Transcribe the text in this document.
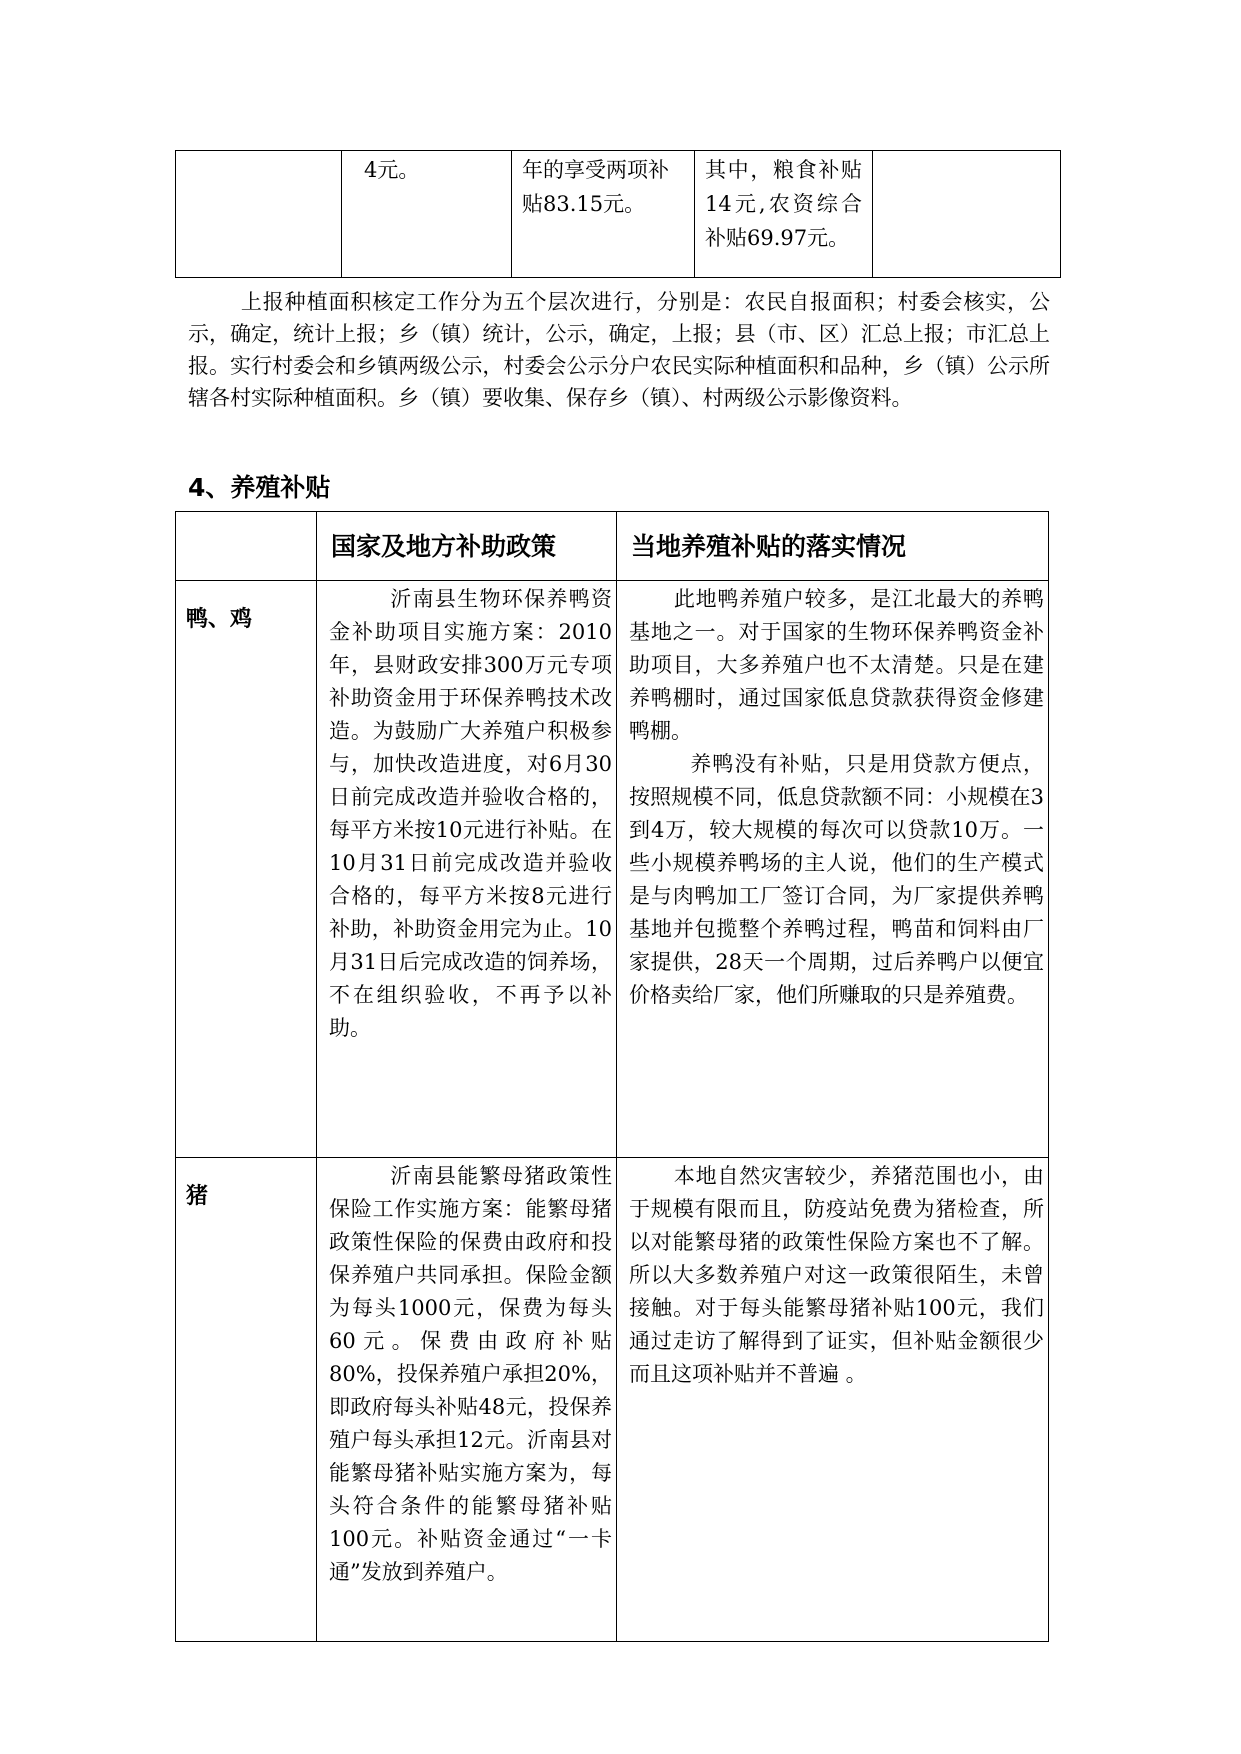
	4元。	年的享受两项补贴83.15元。	其中，粮食补贴14元,农资综合补贴69.97元。	
上报种植面积核定工作分为五个层次进行，分别是：农民自报面积；村委会核实，公示，确定，统计上报；乡（镇）统计，公示，确定，上报；县（市、区）汇总上报；市汇总上报。实行村委会和乡镇两级公示，村委会公示分户农民实际种植面积和品种，乡（镇）公示所辖各村实际种植面积。乡（镇）要收集、保存乡（镇）、村两级公示影像资料。
4、养殖补贴
	国家及地方补助政策	当地养殖补贴的落实情况
鸭、鸡	沂南县生物环保养鸭资金补助项目实施方案：2010年，县财政安排300万元专项补助资金用于环保养鸭技术改造。为鼓励广大养殖户积极参与，加快改造进度，对6月30日前完成改造并验收合格的，每平方米按10元进行补贴。在10月31日前完成改造并验收合格的，每平方米按8元进行补助，补助资金用完为止。10月31日后完成改造的饲养场，不在组织验收，不再予以补助。	此地鸭养殖户较多，是江北最大的养鸭基地之一。对于国家的生物环保养鸭资金补助项目，大多养殖户也不太清楚。只是在建养鸭棚时，通过国家低息贷款获得资金修建鸭棚。
养鸭没有补贴，只是用贷款方便点，按照规模不同，低息贷款额不同：小规模在3到4万，较大规模的每次可以贷款10万。一些小规模养鸭场的主人说，他们的生产模式是与肉鸭加工厂签订合同，为厂家提供养鸭基地并包揽整个养鸭过程，鸭苗和饲料由厂家提供，28天一个周期，过后养鸭户以便宜价格卖给厂家，他们所赚取的只是养殖费。

猪	沂南县能繁母猪政策性保险工作实施方案：能繁母猪政策性保险的保费由政府和投保养殖户共同承担。保险金额为每头1000元，保费为每头60元。保费由政府补贴80%，投保养殖户承担20%，即政府每头补贴48元，投保养殖户每头承担12元。沂南县对能繁母猪补贴实施方案为，每头符合条件的能繁母猪补贴100元。补贴资金通过“一卡通”发放到养殖户。	本地自然灾害较少，养猪范围也小，由于规模有限而且，防疫站免费为猪检查，所以对能繁母猪的政策性保险方案也不了解。所以大多数养殖户对这一政策很陌生，未曾接触。对于每头能繁母猪补贴100元，我们通过走访了解得到了证实，但补贴金额很少而且这项补贴并不普遍 。
